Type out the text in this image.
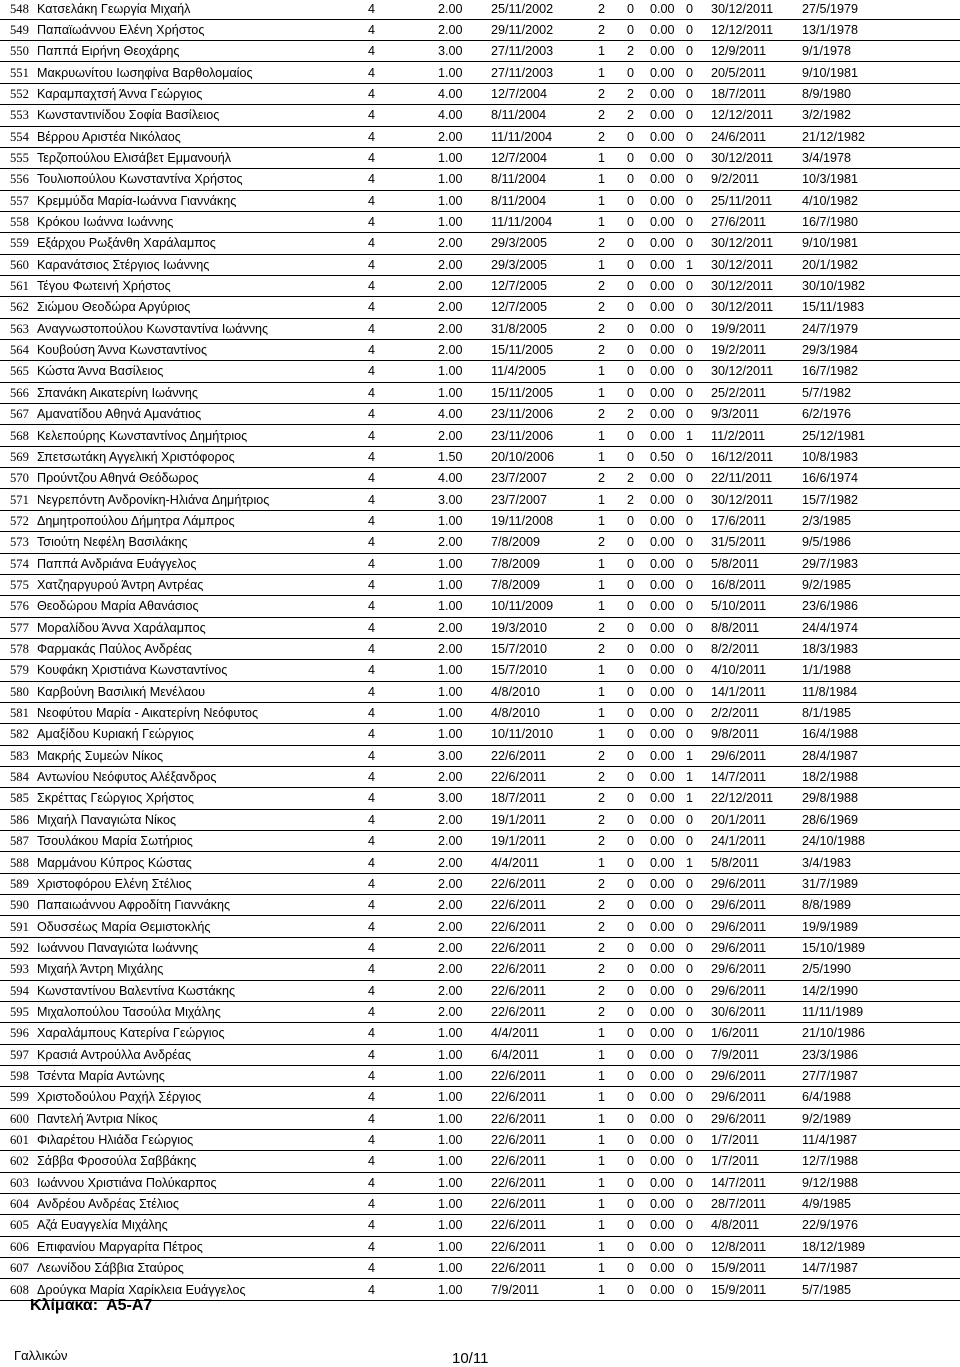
548 Κατσελάκη Γεωργία Μιχαήλ	4	2.00 25/11/2002	2 0 0.00 0 30/12/2011 27/5/1979
549 Παπαϊωάννου Ελένη Χρήστος	4	2.00 29/11/2002	2 0 0.00 0 12/12/2011 13/1/1978
550 Παππά Ειρήνη Θεοχάρης	4	3.00 27/11/2003	1 2 0.00 0 12/9/2011	9/1/1978
551 Μακρυωνίτου Ιωσηφίνα Βαρθολομαίος	4	1.00 27/11/2003	1 0 0.00 0 20/5/2011	9/10/1981
552 Καραμπαχτσή Άννα Γεώργιος	4	4.00 12/7/2004	2 2 0.00 0 18/7/2011	8/9/1980
553 Κωνσταντινίδου Σοφία Βασίλειος	4	4.00 8/11/2004	2 2 0.00 0 12/12/2011 3/2/1982
554 Βέρρου Αριστέα Νικόλαος	4	2.00 11/11/2004	2 0 0.00 0 24/6/2011	21/12/1982
555 Τερζοπούλου Ελισάβετ Εμμανουήλ	4	1.00 12/7/2004	1 0 0.00 0 30/12/2011 3/4/1978
556 Τουλιοπούλου Κωνσταντίνα Χρήστος	4	1.00 8/11/2004	1 0 0.00 0 9/2/2011	10/3/1981
557 Κρεμμύδα Μαρία-Ιωάννα Γιαννάκης	4	1.00 8/11/2004	1 0 0.00 0 25/11/2011 4/10/1982
558 Κρόκου Ιωάννα Ιωάννης	4	1.00 11/11/2004	1 0 0.00 0 27/6/2011	16/7/1980
559 Εξάρχου Ρωξάνθη Χαράλαμπος	4	2.00 29/3/2005	2 0 0.00 0 30/12/2011 9/10/1981
560 Καρανάτσιος Στέργιος Ιωάννης	4	2.00 29/3/2005	1 0 0.00 1 30/12/2011 20/1/1982
561 Τέγου Φωτεινή Χρήστος	4	2.00 12/7/2005	2 0 0.00 0 30/12/2011 30/10/1982
562 Σιώμου Θεοδώρα Αργύριος	4	2.00 12/7/2005	2 0 0.00 0 30/12/2011 15/11/1983
563 Αναγνωστοπούλου Κωνσταντίνα Ιωάννης	4	2.00 31/8/2005	2 0 0.00 0 19/9/2011	24/7/1979
564 Κουβούση Άννα Κωνσταντίνος	4	2.00 15/11/2005	2 0 0.00 0 19/2/2011	29/3/1984
565 Κώστα Άννα Βασίλειος	4	1.00 11/4/2005	1 0 0.00 0 30/12/2011 16/7/1982
566 Σπανάκη Αικατερίνη Ιωάννης	4	1.00 15/11/2005	1 0 0.00 0 25/2/2011	5/7/1982
567 Αμανατίδου Αθηνά Αμανάτιος	4	4.00 23/11/2006	2 2 0.00 0 9/3/2011	6/2/1976
568 Κελεπούρης Κωνσταντίνος Δημήτριος	4	2.00 23/11/2006	1 0 0.00 1 11/2/2011	25/12/1981
569 Σπετσωτάκη Αγγελική Χριστόφορος	4	1.50 20/10/2006	1 0 0.50 0 16/12/2011 10/8/1983
570 Προύντζου Αθηνά Θεόδωρος	4	4.00 23/7/2007	2 2 0.00 0 22/11/2011 16/6/1974
571 Νεγρεπόντη Ανδρονίκη-Ηλιάνα Δημήτριος	4	3.00 23/7/2007	1 2 0.00 0 30/12/2011 15/7/1982
572 Δημητροπούλου Δήμητρα Λάμπρος	4	1.00 19/11/2008	1 0 0.00 0 17/6/2011	2/3/1985
573 Τσιούτη Νεφέλη Βασιλάκης	4	2.00 7/8/2009	2 0 0.00 0 31/5/2011	9/5/1986
574 Παππά Ανδριάνα Ευάγγελος	4	1.00 7/8/2009	1 0 0.00 0 5/8/2011	29/7/1983
575 Χατζηαργυρού Άντρη Αντρέας	4	1.00 7/8/2009	1 0 0.00 0 16/8/2011	9/2/1985
576 Θεοδώρου Μαρία Αθανάσιος	4	1.00 10/11/2009	1 0 0.00 0 5/10/2011	23/6/1986
577 Μοραλίδου Άννα Χαράλαμπος	4	2.00 19/3/2010	2 0 0.00 0 8/8/2011	24/4/1974
578 Φαρμακάς Παύλος Ανδρέας	4	2.00 15/7/2010	2 0 0.00 0 8/2/2011	18/3/1983
579 Κουφάκη Χριστιάνα Κωνσταντίνος	4	1.00 15/7/2010	1 0 0.00 0 4/10/2011	1/1/1988
580 Καρβούνη Βασιλική Μενέλαου	4	1.00 4/8/2010	1 0 0.00 0 14/1/2011	11/8/1984
581 Νεοφύτου Μαρία - Αικατερίνη Νεόφυτος	4	1.00 4/8/2010	1 0 0.00 0 2/2/2011	8/1/1985
582 Αμαξίδου Κυριακή Γεώργιος	4	1.00 10/11/2010	1 0 0.00 0 9/8/2011	16/4/1988
583 Μακρής Συμεών Νίκος	4	3.00 22/6/2011	2 0 0.00 1 29/6/2011	28/4/1987
584 Αντωνίου Νεόφυτος Αλέξανδρος	4	2.00 22/6/2011	2 0 0.00 1 14/7/2011	18/2/1988
585 Σκρέττας Γεώργιος Χρήστος	4	3.00 18/7/2011	2 0 0.00 1 22/12/2011 29/8/1988
586 Μιχαήλ Παναγιώτα Νίκος	4	2.00 19/1/2011	2 0 0.00 0 20/1/2011	28/6/1969
587 Τσουλάκου Μαρία Σωτήριος	4	2.00 19/1/2011	2 0 0.00 0 24/1/2011	24/10/1988
588 Μαρμάνου Κύπρος Κώστας	4	2.00 4/4/2011	1 0 0.00 1 5/8/2011	3/4/1983
589 Χριστοφόρου Ελένη Στέλιος	4	2.00 22/6/2011	2 0 0.00 0 29/6/2011	31/7/1989
590 Παπαιωάννου Αφροδίτη Γιαννάκης	4	2.00 22/6/2011	2 0 0.00 0 29/6/2011	8/8/1989
591 Οδυσσέως Μαρία Θεμιστοκλής	4	2.00 22/6/2011	2 0 0.00 0 29/6/2011	19/9/1989
592 Ιωάννου Παναγιώτα Ιωάννης	4	2.00 22/6/2011	2 0 0.00 0 29/6/2011	15/10/1989
593 Μιχαήλ Άντρη Μιχάλης	4	2.00 22/6/2011	2 0 0.00 0 29/6/2011	2/5/1990
594 Κωνσταντίνου Βαλεντίνα Κωστάκης	4	2.00 22/6/2011	2 0 0.00 0 29/6/2011	14/2/1990
595 Μιχαλοπούλου Τασούλα Μιχάλης	4	2.00 22/6/2011	2 0 0.00 0 30/6/2011	11/11/1989
596 Χαραλάμπους Κατερίνα Γεώργιος	4	1.00 4/4/2011	1 0 0.00 0 1/6/2011	21/10/1986
597 Κρασιά Αντρούλλα Ανδρέας	4	1.00 6/4/2011	1 0 0.00 0 7/9/2011	23/3/1986
598 Τσέντα Μαρία Αντώνης	4	1.00 22/6/2011	1 0 0.00 0 29/6/2011	27/7/1987
599 Χριστοδούλου Ραχήλ Σέργιος	4	1.00 22/6/2011	1 0 0.00 0 29/6/2011	6/4/1988
600 Παντελή Άντρια Νίκος	4	1.00 22/6/2011	1 0 0.00 0 29/6/2011	9/2/1989
601 Φιλαρέτου Ηλιάδα Γεώργιος	4	1.00 22/6/2011	1 0 0.00 0 1/7/2011	11/4/1987
602 Σάββα Φροσούλα Σαββάκης	4	1.00 22/6/2011	1 0 0.00 0 1/7/2011	12/7/1988
603 Ιωάννου Χριστιάνα Πολύκαρπος	4	1.00 22/6/2011	1 0 0.00 0 14/7/2011	9/12/1988
604 Ανδρέου Ανδρέας Στέλιος	4	1.00 22/6/2011	1 0 0.00 0 28/7/2011	4/9/1985
605 Αζά Ευαγγελία Μιχάλης	4	1.00 22/6/2011	1 0 0.00 0 4/8/2011	22/9/1976
606 Επιφανίου Μαργαρίτα Πέτρος	4	1.00 22/6/2011	1 0 0.00 0 12/8/2011	18/12/1989
607 Λεωνίδου Σάββια Σταύρος	4	1.00 22/6/2011	1 0 0.00 0 15/9/2011	14/7/1987
608 Δρούγκα Μαρία Χαρίκλεια Ευάγγελος	4	1.00 7/9/2011	1 0 0.00 0 15/9/2011	5/7/1985
Κλίμακα: Α5-Α7
Γαλλικών	10/11
